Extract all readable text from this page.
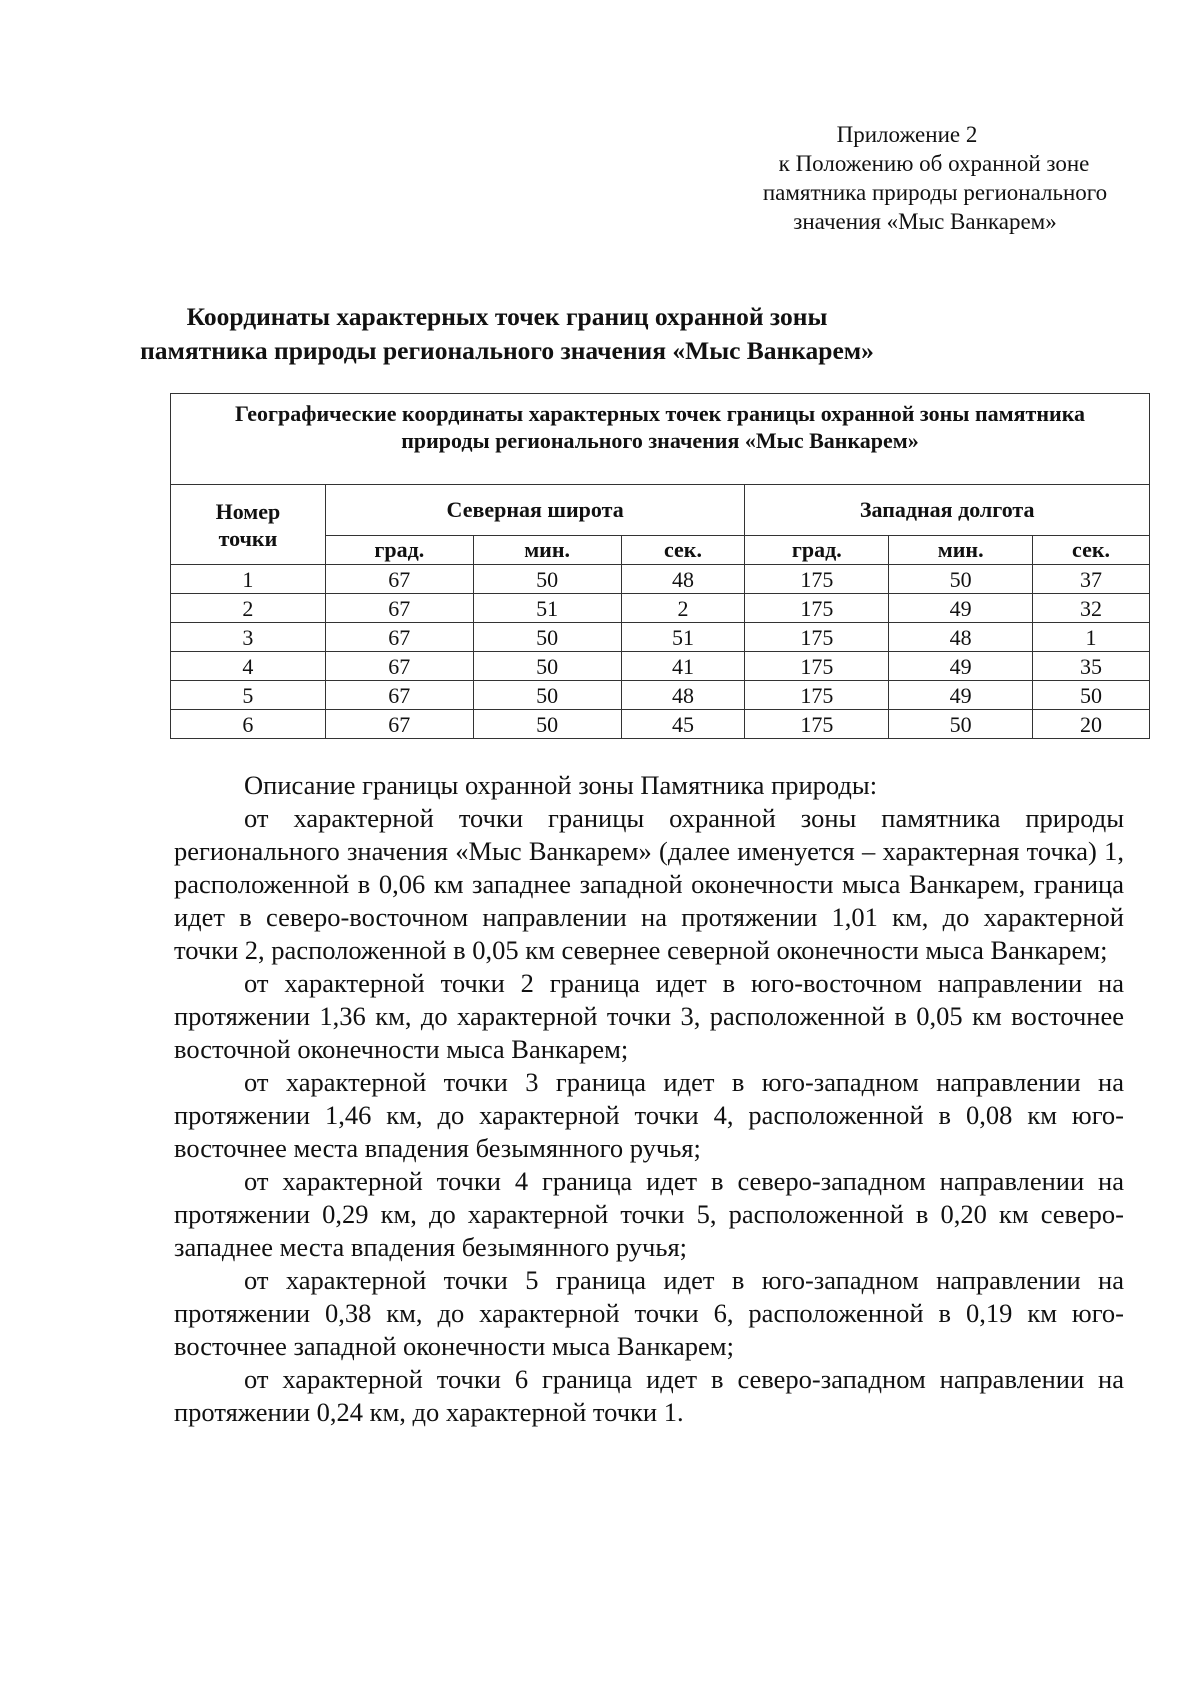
Приложение 2
к Положению об охранной зоне
памятника природы регионального
значения «Мыс Ванкарем»
Координаты характерных точек границ охранной зоны
памятника природы регионального значения «Мыс Ванкарем»
Географические координаты характерных точек границы охранной зоны памятника
природы регионального значения «Мыс Ванкарем»						

Номер
точки	Северная широта			Западная долгота		
	град.	мин.	сек.	град.	мин.	сек.
1	67	50	48	175	50	37
2	67	51	2	175	49	32
3	67	50	51	175	48	1
4	67	50	41	175	49	35
5	67	50	48	175	49	50
6	67	50	45	175	50	20

Описание границы охранной зоны Памятника природы:

от характерной точки границы охранной зоны памятника природы регионального значения «Мыс Ванкарем» (далее именуется – характерная точка) 1, расположенной в 0,06 км западнее западной оконечности мыса Ванкарем, граница идет в северо-восточном направлении на протяжении 1,01 км, до характерной точки 2, расположенной в 0,05 км севернее северной оконечности мыса Ванкарем;

от характерной точки 2 граница идет в юго-восточном направлении на протяжении 1,36 км, до характерной точки 3, расположенной в 0,05 км восточнее восточной оконечности мыса Ванкарем;

от характерной точки 3 граница идет в юго-западном направлении на протяжении 1,46 км, до характерной точки 4, расположенной в 0,08 км юго-восточнее места впадения безымянного ручья;

от характерной точки 4 граница идет в северо-западном направлении на протяжении 0,29 км, до характерной точки 5, расположенной в 0,20 км северо-западнее места впадения безымянного ручья;

от характерной точки 5 граница идет в юго-западном направлении на протяжении 0,38 км, до характерной точки 6, расположенной в 0,19 км юго-восточнее западной оконечности мыса Ванкарем;

от характерной точки 6 граница идет в северо-западном направлении на протяжении 0,24 км, до характерной точки 1.
